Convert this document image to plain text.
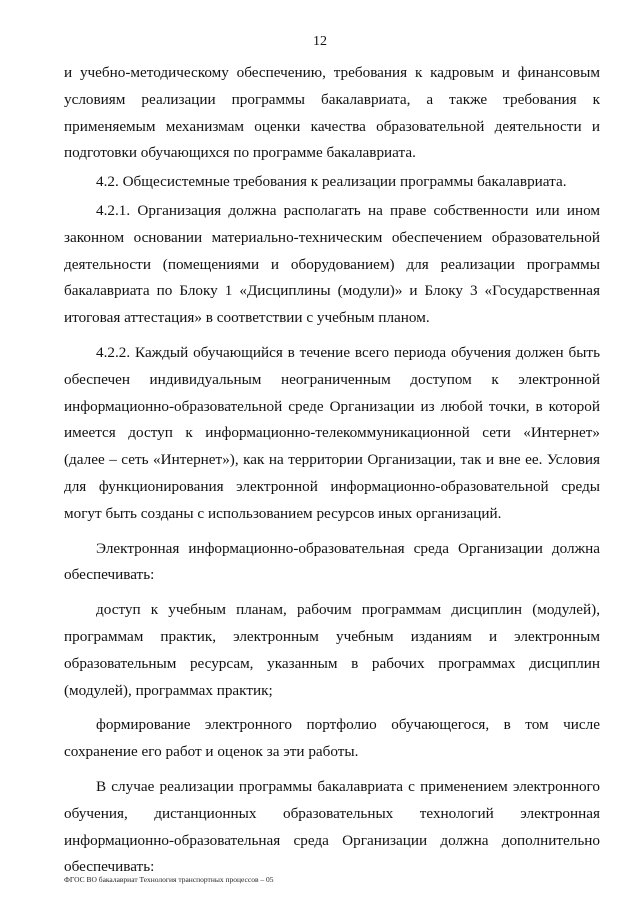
12

и учебно-методическому обеспечению, требования к кадровым и финансовым условиям реализации программы бакалавриата, а также требования к применяемым механизмам оценки качества образовательной деятельности и подготовки обучающихся по программе бакалавриата.

4.2. Общесистемные требования к реализации программы бакалавриата.

4.2.1. Организация должна располагать на праве собственности или ином законном основании материально-техническим обеспечением образовательной деятельности (помещениями и оборудованием) для реализации программы бакалавриата по Блоку 1 «Дисциплины (модули)» и Блоку 3 «Государственная итоговая аттестация» в соответствии с учебным планом.

4.2.2. Каждый обучающийся в течение всего периода обучения должен быть обеспечен индивидуальным неограниченным доступом к электронной информационно-образовательной среде Организации из любой точки, в которой имеется доступ к информационно-телекоммуникационной сети «Интернет» (далее – сеть «Интернет»), как на территории Организации, так и вне ее. Условия для функционирования электронной информационно-образовательной среды могут быть созданы с использованием ресурсов иных организаций.

Электронная информационно-образовательная среда Организации должна обеспечивать:

доступ к учебным планам, рабочим программам дисциплин (модулей), программам практик, электронным учебным изданиям и электронным образовательным ресурсам, указанным в рабочих программах дисциплин (модулей), программах практик;

формирование электронного портфолио обучающегося, в том числе сохранение его работ и оценок за эти работы.

В случае реализации программы бакалавриата с применением электронного обучения, дистанционных образовательных технологий электронная информационно-образовательная среда Организации должна дополнительно обеспечивать:

ФГОС ВО бакалавриат Технология транспортных процессов – 05
